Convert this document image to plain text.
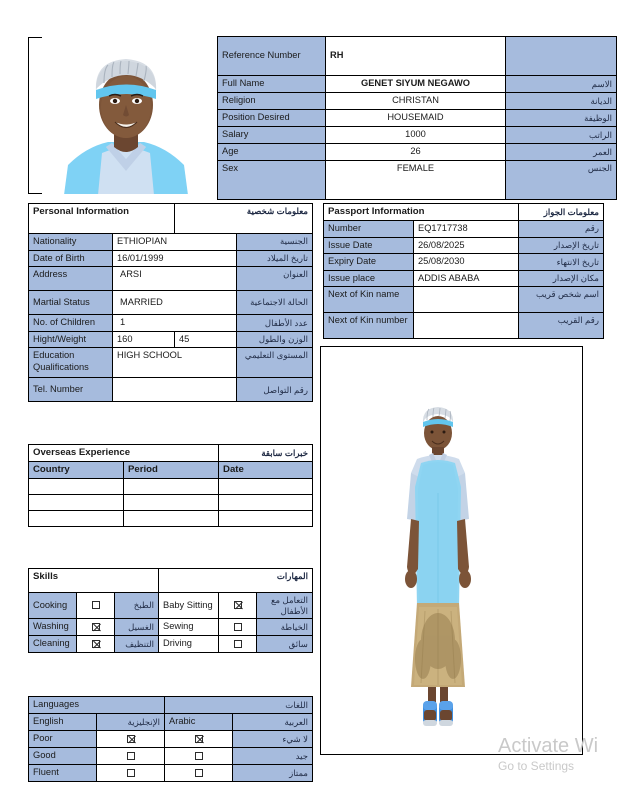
Reference Number	RH	
Full Name	GENET SIYUM NEGAWO	الاسم
Religion	CHRISTAN	الديانة
Position Desired	HOUSEMAID	الوظيفة
Salary	1000	الراتب
Age	26	العمر
Sex	FEMALE	الجنس
Personal Information		معلومات شخصية	
Nationality	ETHIOPIAN		الجنسية
Date of Birth	16/01/1999		تاريخ الميلاد
Address	ARSI		العنوان
Martial Status	MARRIED		الحالة الاجتماعية
No. of Children	1		عدد الأطفال
Hight/Weight	160	45	الوزن والطول
Education Qualifications	HIGH SCHOOL		المستوى التعليمي
Tel. Number			رقم التواصل
Passport Information		معلومات الجواز
Number	EQ1717738	رقم
Issue Date	26/08/2025	تاريخ الإصدار
Expiry Date	25/08/2030	تاريخ الانتهاء
Issue place	ADDIS ABABA	مكان الإصدار
Next of Kin name		اسم شخص قريب
Next of Kin number		رقم القريب
Overseas Experience		خبرات سابقة
Country	Period	Date

Skills			المهارات		
Cooking		الطبخ	Baby Sitting		التعامل مع الأطفال
Washing		الغسيل	Sewing		الخياطة
Cleaning		التنظيف	Driving		سائق
Languages		اللغات	
English	الإنجليزية	Arabic	العربية
Poor			لا شيء
Good			جيد
Fluent			ممتاز
Activate Wi
Go to Settings
